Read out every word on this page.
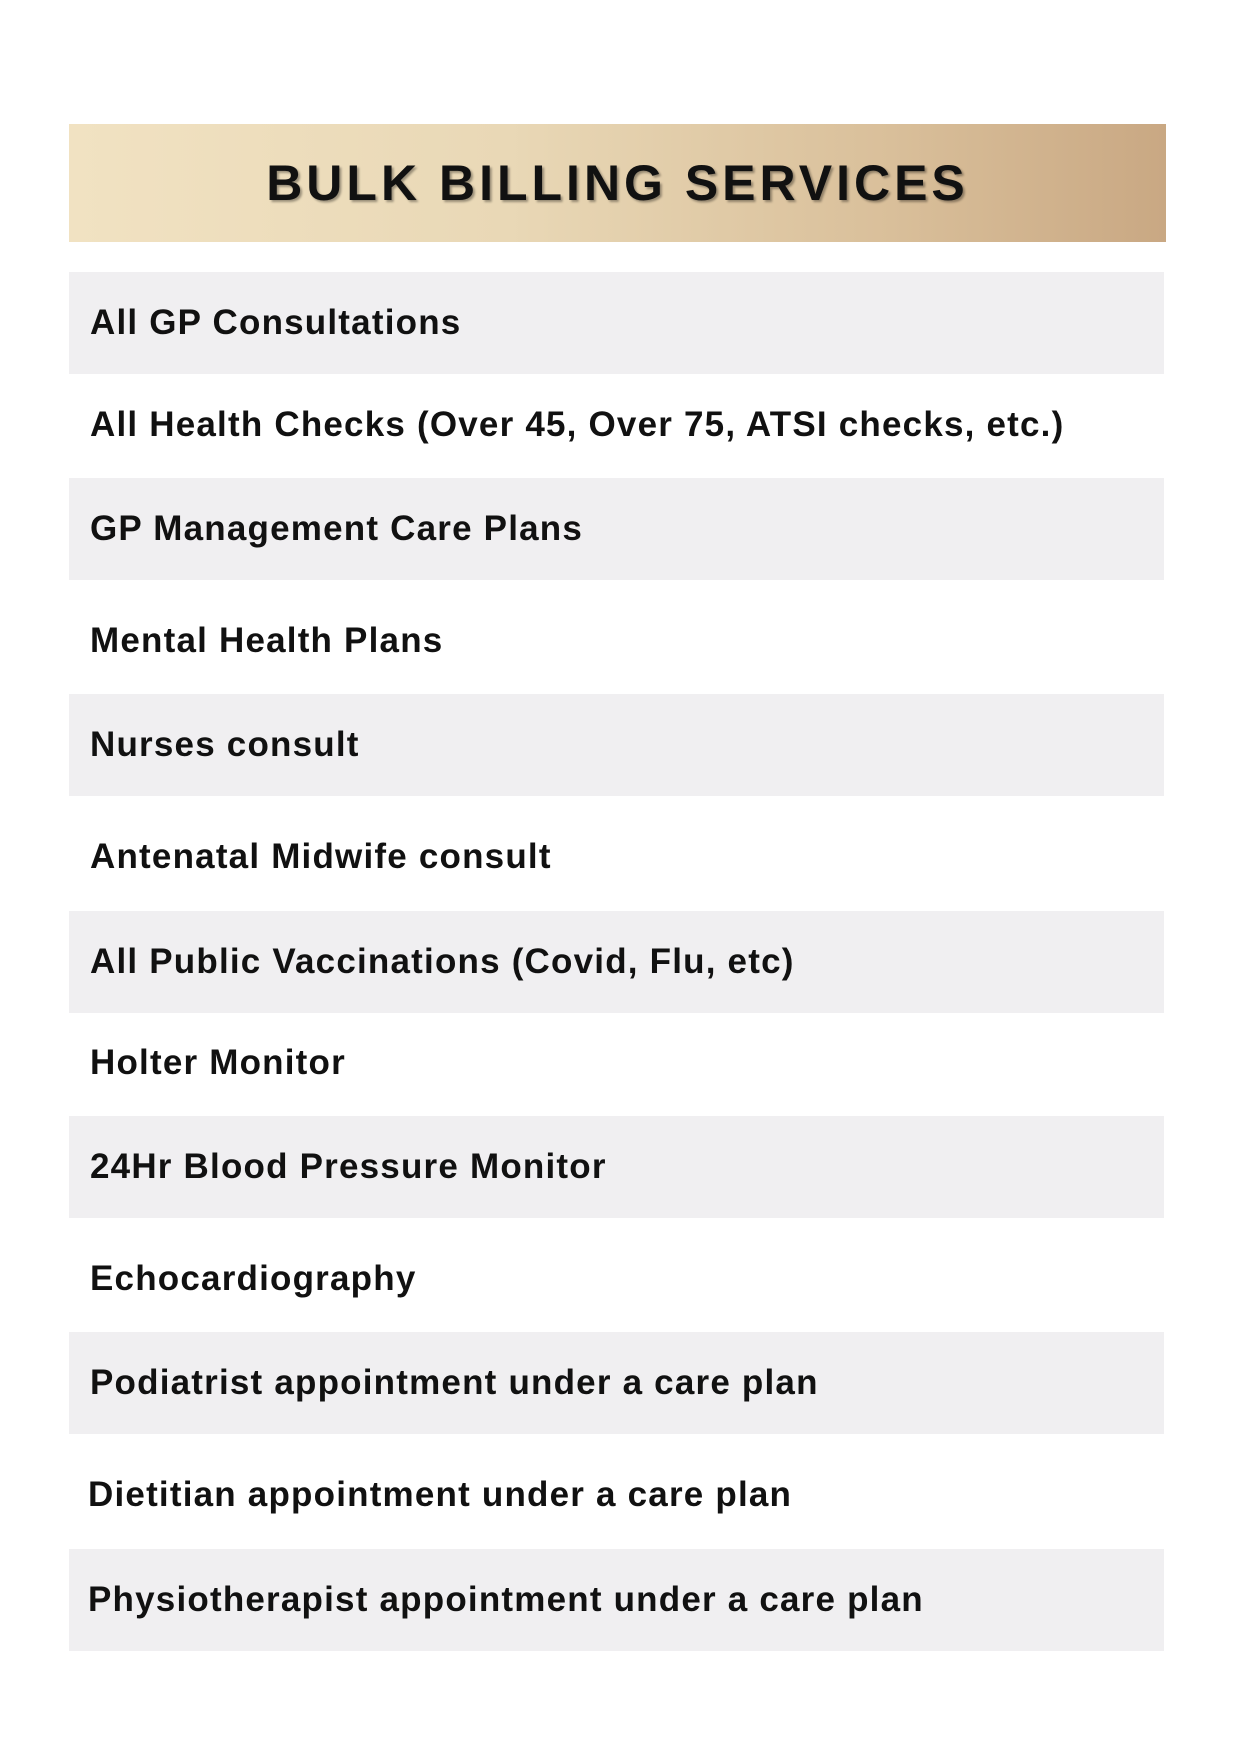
BULK BILLING SERVICES
All GP Consultations
All Health Checks (Over 45, Over 75, ATSI checks, etc.)
GP Management Care Plans
Mental Health Plans
Nurses consult
Antenatal Midwife consult
All Public Vaccinations (Covid, Flu, etc)
Holter Monitor
24Hr Blood Pressure Monitor
Echocardiography
Podiatrist appointment under a care plan
Dietitian appointment under a care plan
Physiotherapist appointment under a care plan
